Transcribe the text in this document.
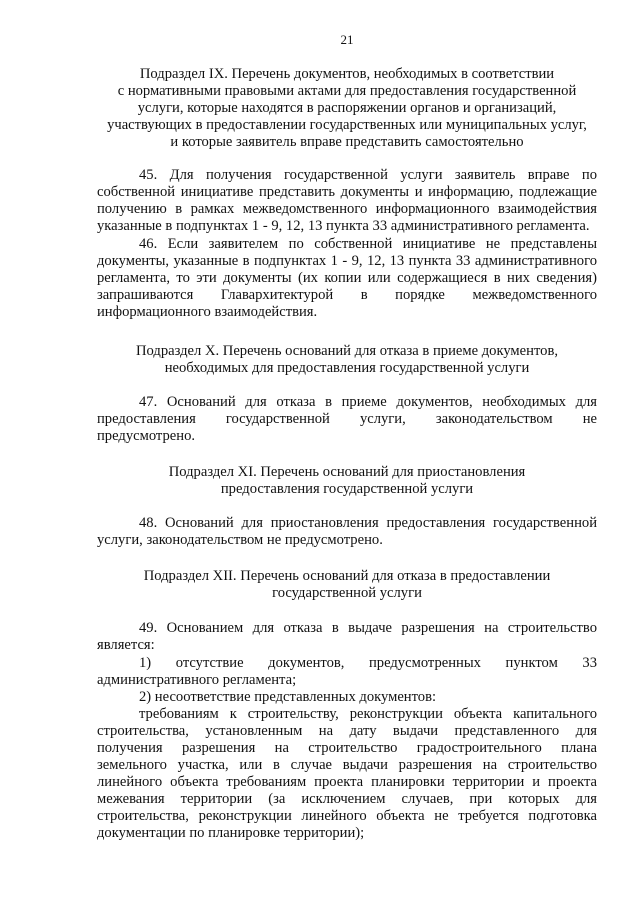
21
Подраздел IX. Перечень документов, необходимых в соответствии
с нормативными правовыми актами для предоставления государственной
услуги, которые находятся в распоряжении органов и организаций,
участвующих в предоставлении государственных или муниципальных услуг,
и которые заявитель вправе представить самостоятельно
45. Для получения государственной услуги заявитель вправе по
собственной инициативе представить документы и информацию, подлежащие
получению в рамках межведомственного информационного взаимодействия
указанные в подпунктах 1 - 9, 12, 13 пункта 33 административного регламента.
46. Если заявителем по собственной инициативе не представлены
документы, указанные в подпунктах 1 - 9, 12, 13 пункта 33 административного
регламента, то эти документы (их копии или содержащиеся в них сведения)
запрашиваются Главархитектурой в порядке межведомственного
информационного взаимодействия.
Подраздел X. Перечень оснований для отказа в приеме документов,
необходимых для предоставления государственной услуги
47. Оснований для отказа в приеме документов, необходимых для
предоставления государственной услуги, законодательством не
предусмотрено.
Подраздел XI. Перечень оснований для приостановления
предоставления государственной услуги
48. Оснований для приостановления предоставления государственной
услуги, законодательством не предусмотрено.
Подраздел XII. Перечень оснований для отказа в предоставлении
государственной услуги
49. Основанием для отказа в выдаче разрешения на строительство
является:
1) отсутствие документов, предусмотренных пунктом 33
административного регламента;
2) несоответствие представленных документов:
требованиям к строительству, реконструкции объекта капитального
строительства, установленным на дату выдачи представленного для
получения разрешения на строительство градостроительного плана
земельного участка, или в случае выдачи разрешения на строительство
линейного объекта требованиям проекта планировки территории и проекта
межевания территории (за исключением случаев, при которых для
строительства, реконструкции линейного объекта не требуется подготовка
документации по планировке территории);
